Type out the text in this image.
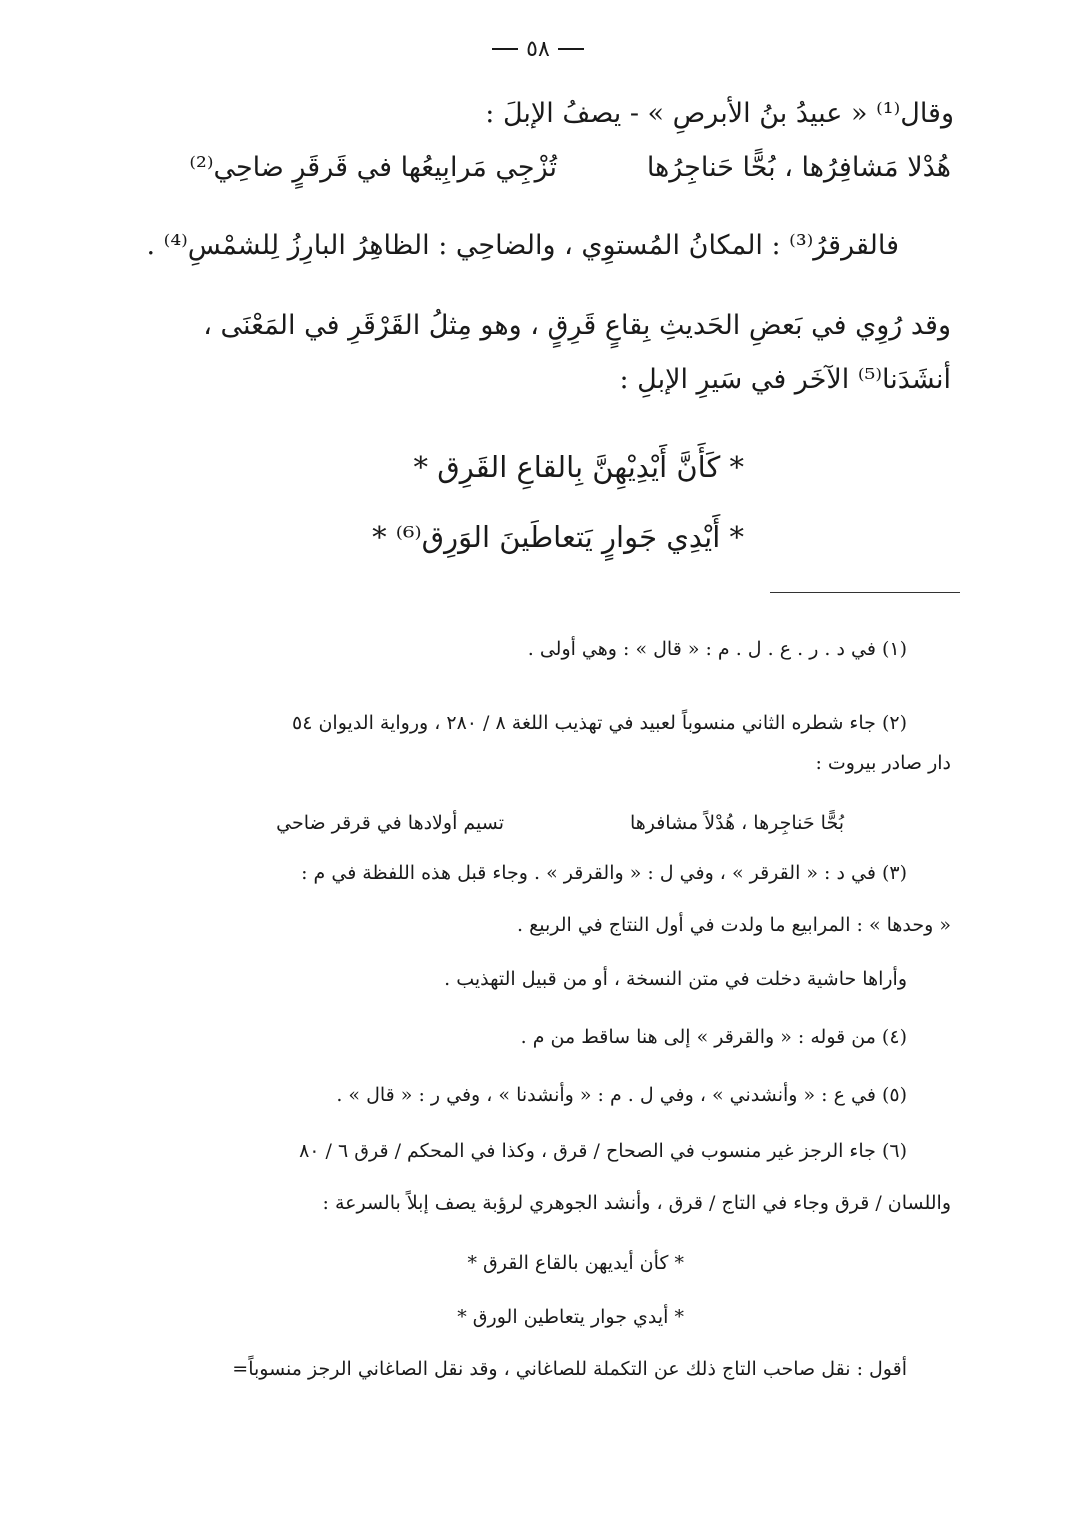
٥٨
وقال⁽¹⁾ « عبيدُ بنُ الأبرصِ » - يصفُ الإبلَ :
هُدْلا مَشافِرُها ، بُحًّا حَناجِرُها
تُزْجِي مَرابِيعُها في قَرقَرٍ ضاحِي⁽²⁾
فالقرقرُ⁽³⁾ : المكانُ المُستوِي ، والضاحِي : الظاهِرُ البارِزُ لِلشمْسِ⁽⁴⁾ .
وقد رُوِي في بَعضِ الحَديثِ بِقاعٍ قَرِقٍ ، وهو مِثلُ القَرْقَرِ في المَعْنَى ،
أنشَدَنا⁽⁵⁾ الآخَر في سَيرِ الإبلِ :
* كَأَنَّ أَيْدِيْهِنَّ بِالقاعِ القَرِق *
* أَيْدِي جَوارٍ يَتعاطَينَ الوَرِق⁽⁶⁾ *
(١) في د . ر . ع . ل . م : « قال » : وهي أولى .
(٢) جاء شطره الثاني منسوباً لعبيد في تهذيب اللغة ٨ / ٢٨٠ ، ورواية الديوان ٥٤
دار صادر بيروت :
بُحًّا حَناجِرها ، هُدْلاً مشافرها
تسيم أولادها في قرقر ضاحي
(٣) في د : « القرقر » ، وفي ل : « والقرقر » . وجاء قبل هذه اللفظة في م :
« وحدها » : المرابيع ما ولدت في أول النتاج في الربيع .
وأراها حاشية دخلت في متن النسخة ، أو من قبيل التهذيب .
(٤) من قوله : « والقرقر » إلى هنا ساقط من م .
(٥) في ع : « وأنشدني » ، وفي ل . م : « وأنشدنا » ، وفي ر : « قال » .
(٦) جاء الرجز غير منسوب في الصحاح / قرق ، وكذا في المحكم / قرق ٦ / ٨٠
واللسان / قرق وجاء في التاج / قرق ، وأنشد الجوهري لرؤبة يصف إبلاً بالسرعة :
* كأن أيديهن بالقاع القرق *
* أيدي جوار يتعاطين الورق *
أقول : نقل صاحب التاج ذلك عن التكملة للصاغاني ، وقد نقل الصاغاني الرجز منسوباً=
